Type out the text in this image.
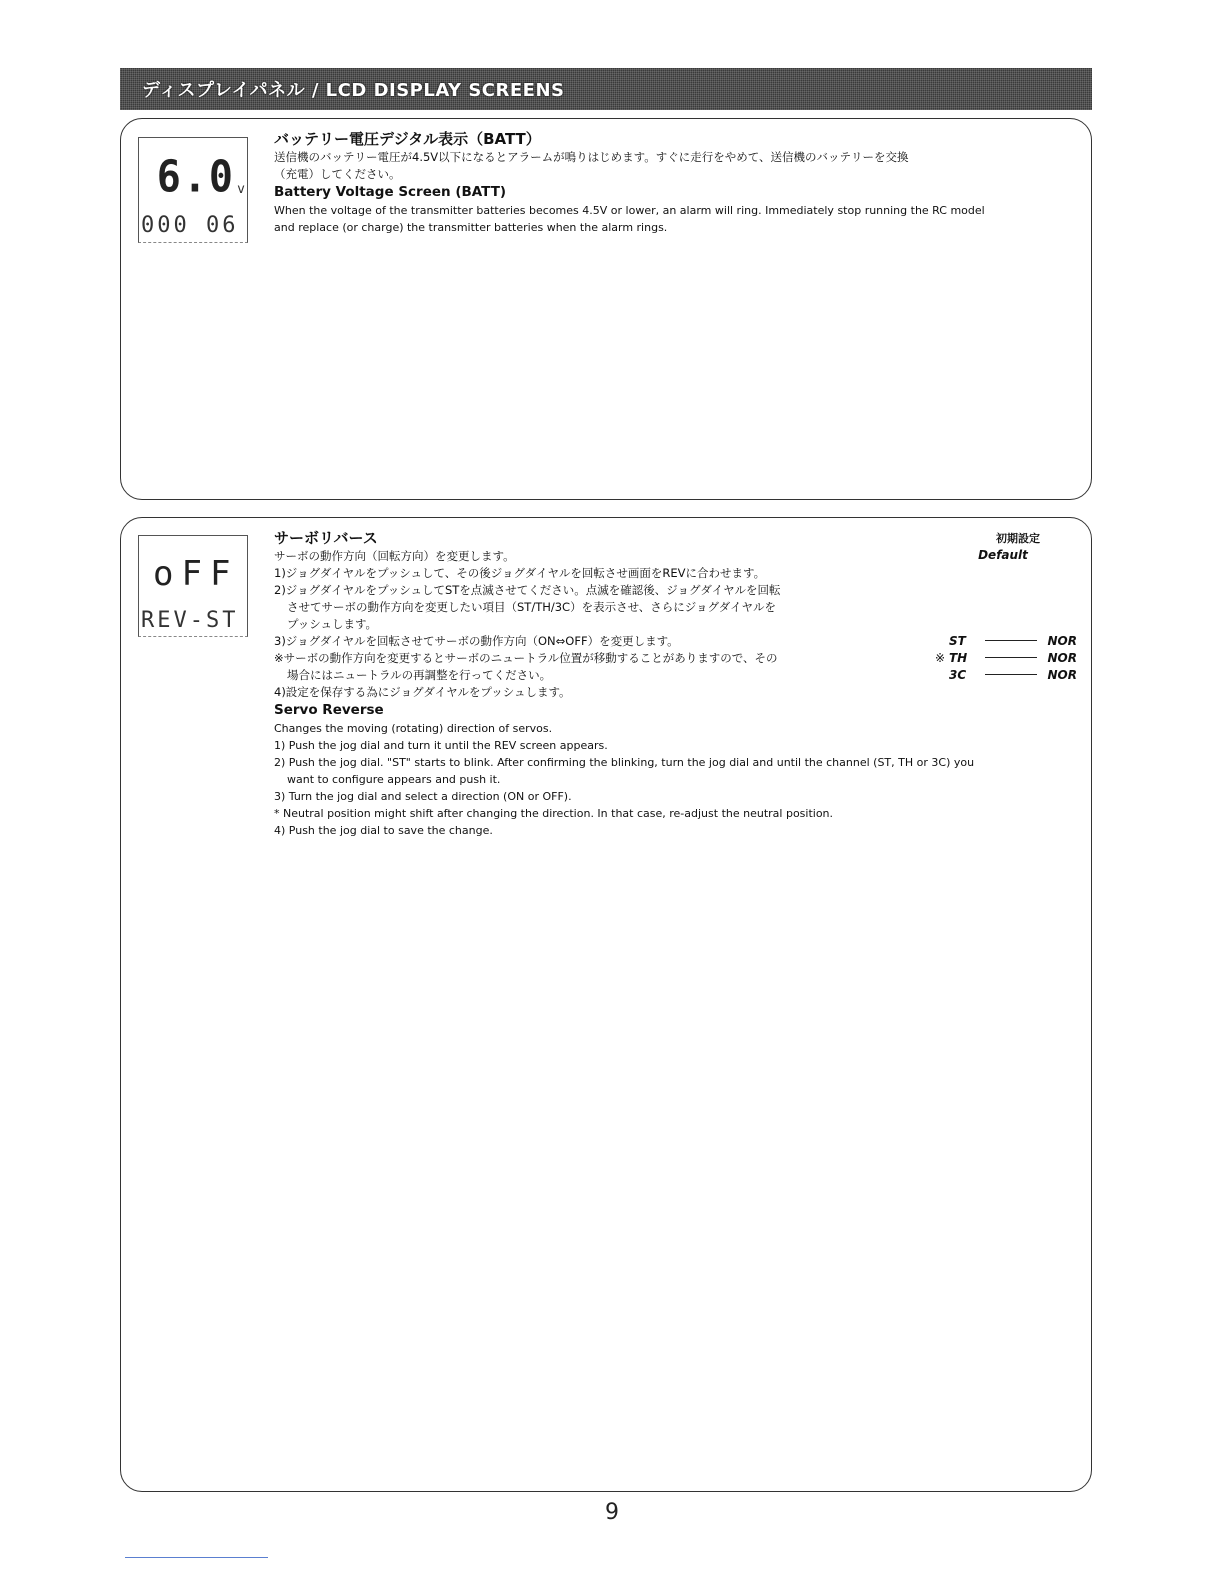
ディスプレイパネル / LCD DISPLAY SCREENS
6.0 v
000 06

バッテリー電圧デジタル表示（BATT）

送信機のバッテリー電圧が4.5V以下になるとアラームが鳴りはじめます。すぐに走行をやめて、送信機のバッテリーを交換

（充電）してください。

Battery Voltage Screen (BATT)

When the voltage of the transmitter batteries becomes 4.5V or lower, an alarm will ring. Immediately stop running the RC model

and replace (or charge) the transmitter batteries when the alarm rings.

oFF
REV-ST

サーボリバース

サーボの動作方向（回転方向）を変更します。

1)ジョグダイヤルをプッシュして、その後ジョグダイヤルを回転させ画面をREVに合わせます。

2)ジョグダイヤルをプッシュしてSTを点滅させてください。点滅を確認後、ジョグダイヤルを回転

させてサーボの動作方向を変更したい項目（ST/TH/3C）を表示させ、さらにジョグダイヤルを

プッシュします。

3)ジョグダイヤルを回転させてサーボの動作方向（ON⇔OFF）を変更します。

※サーボの動作方向を変更するとサーボのニュートラル位置が移動することがありますので、その

場合にはニュートラルの再調整を行ってください。

4)設定を保存する為にジョグダイヤルをプッシュします。

Servo Reverse

Changes the moving (rotating) direction of servos.

1) Push the jog dial and turn it until the REV screen appears.

2) Push the jog dial. "ST" starts to blink. After confirming the blinking, turn the jog dial and until the channel (ST, TH or 3C) you

want to configure appears and push it.

3) Turn the jog dial and select a direction (ON or OFF).

* Neutral position might shift after changing the direction. In that case, re-adjust the neutral position.

4) Push the jog dial to save the change.

初期設定
Default
ST	NOR
※ TH	NOR
3C	NOR
9
